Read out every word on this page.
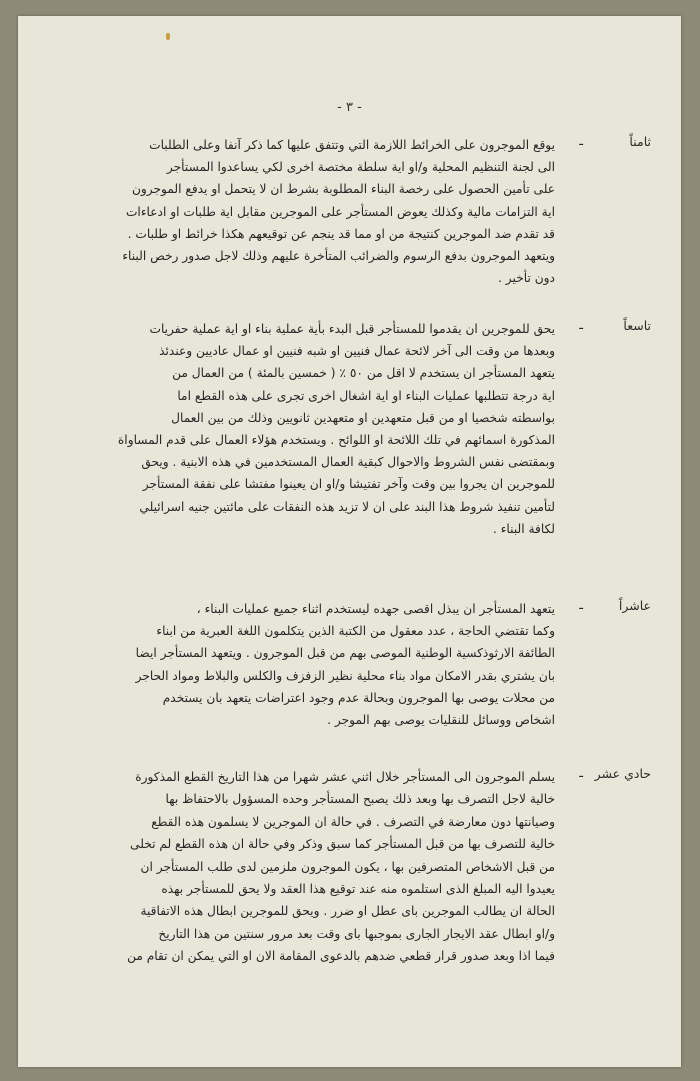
- ٣ -
ثامناً
ـ
يوقع الموجرون على الخرائط اللازمة التي وتتفق عليها كما ذكر آنفا وعلى الطلبات
الى لجنة التنظيم المحلية و/او اية سلطة مختصة اخرى لكي يساعدوا المستأجر
على تأمين الحصول على رخصة البناء المطلوبة بشرط ان لا يتحمل او يدفع الموجرون
اية التزامات مالية وكذلك يعوض المستأجر على الموجرين مقابل اية طلبات او ادعاءات
قد تقدم ضد الموجرين كنتيجة من او مما قد ينجم عن توقيعهم هكذا خرائط او طلبات .
ويتعهد الموجرون بدفع الرسوم والضرائب المتأخرة عليهم وذلك لاجل صدور رخص البناء
دون تأخير .
تاسعاً
ـ
يحق للموجرين ان يقدموا للمستأجر قبل البدء بأية عملية بناء او اية عملية حفريات
وبعدها من وقت الى آخر لائحة عمال فنيين او شبه فنيين او عمال عاديين وعندئذ
يتعهد المستأجر ان يستخدم لا اقل من ٥٠ ٪ ( خمسين بالمئة ) من العمال من
اية درجة تتطلبها عمليات البناء او اية اشغال اخرى تجرى على هذه القطع اما
بواسطته شخصيا او من قبل متعهدين او متعهدين ثانويين وذلك من بين العمال
المذكورة اسمائهم في تلك اللائحة او اللوائح . ويستخدم هؤلاء العمال على قدم المساواة
وبمقتضى نفس الشروط والاحوال كبقية العمال المستخدمين في هذه الابنية . ويحق
للموجرين ان يجروا بين وقت وآخر تفتيشا و/او ان يعينوا مفتشا على نفقة المستأجر
لتأمين تنفيذ شروط هذا البند على ان لا تزيد هذه النفقات على مائتين جنيه اسرائيلي
لكافة البناء .
عاشراً
ـ
يتعهد المستأجر ان يبذل اقصى جهده ليستخدم اثناء جميع عمليات البناء ،
وكما تقتضي الحاجة ، عدد معقول من الكتبة الذين يتكلمون اللغة العبرية من ابناء
الطائفة الارثوذكسية الوطنية الموصى بهم من قبل الموجرون . ويتعهد المستأجر ايضا
بان يشتري بقدر الامكان مواد بناء محلية نظير الزفزف والكلس والبلاط ومواد الحاجر
من محلات يوصى بها الموجرون وبحالة عدم وجود اعتراضات يتعهد بان يستخدم
اشخاص ووسائل للنقليات يوصى بهم الموجر .
حادي عشر
ـ
يسلم الموجرون الى المستأجر خلال اثني عشر شهرا من هذا التاريخ القطع المذكورة
خالية لاجل التصرف بها وبعد ذلك يصبح المستأجر وحده المسؤول بالاحتفاظ بها
وصيانتها دون معارضة في التصرف . في حالة ان الموجرين لا يسلمون هذه القطع
خالية للتصرف بها من قبل المستأجر كما سبق وذكر وفي حالة ان هذه القطع لم تخلى
من قبل الاشخاص المتصرفين بها ، يكون الموجرون ملزمين لدى طلب المستأجر ان
يعيدوا اليه المبلغ الذى استلموه منه عند توقيع هذا العقد ولا يحق للمستأجر بهذه
الحالة ان يطالب الموجرين باى عطل او ضرر . ويحق للموجرين ابطال هذه الاتفاقية
و/او ابطال عقد الايجار الجارى بموجبها باى وقت بعد مرور سنتين من هذا التاريخ
فيما اذا وبعد صدور قرار قطعي ضدهم بالدعوى المقامة الان او التي يمكن ان تقام من
